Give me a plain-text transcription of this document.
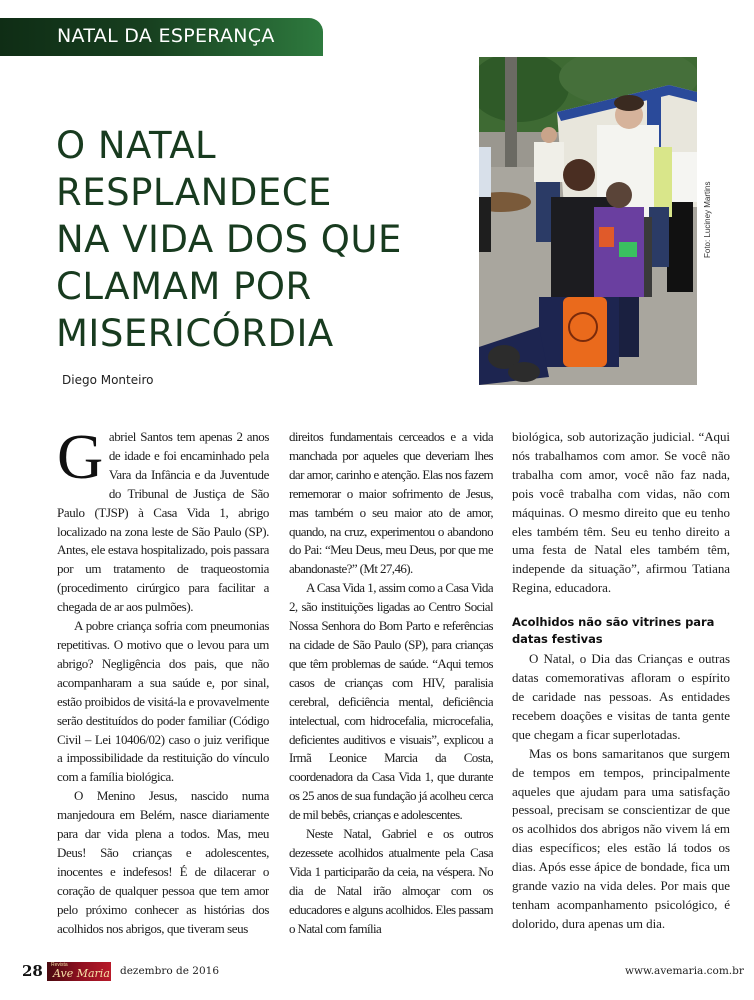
NATAL DA ESPERANÇA
O NATAL
RESPLANDECE
NA VIDA DOS QUE
CLAMAM POR
MISERICÓRDIA
Diego Monteiro
Foto: Luciney Martins

Gabriel Santos tem apenas 2 anos de idade e foi encaminhado pela Vara da Infância e da Juventude do Tribunal de Justiça de São Paulo (TJSP) à Casa Vida 1, abrigo localizado na zona leste de São Paulo (SP). Antes, ele estava hospitalizado, pois passara por um tratamento de traqueostomia (procedimento cirúrgico para facilitar a chegada de ar aos pulmões).

A pobre criança sofria com pneumonias repetitivas. O motivo que o levou para um abrigo? Negligência dos pais, que não acompanharam a sua saúde e, por sinal, estão proibidos de visitá-la e provavelmente serão destituídos do poder familiar (Código Civil – Lei 10406/02) caso o juiz verifique a impossibilidade da restituição do vínculo com a família biológica.

O Menino Jesus, nascido numa manjedoura em Belém, nasce diariamente para dar vida plena a todos. Mas, meu Deus! São crianças e adolescentes, inocentes e indefesos! É de dilacerar o coração de qualquer pessoa que tem amor pelo próximo conhecer as histórias dos acolhidos nos abrigos, que tiveram seus

direitos fundamentais cerceados e a vida manchada por aqueles que deveriam lhes dar amor, carinho e atenção. Elas nos fazem rememorar o maior sofrimento de Jesus, mas também o seu maior ato de amor, quando, na cruz, experimentou o abandono do Pai: “Meu Deus, meu Deus, por que me abandonaste?” (Mt 27,46).

A Casa Vida 1, assim como a Casa Vida 2, são instituições ligadas ao Centro Social Nossa Senhora do Bom Parto e referências na cidade de São Paulo (SP), para crianças que têm problemas de saúde. “Aqui temos casos de crianças com HIV, paralisia cerebral, deficiência mental, deficiência intelectual, com hidrocefalia, microcefalia, deficientes auditivos e visuais”, explicou a Irmã Leonice Marcia da Costa, coordenadora da Casa Vida 1, que durante os 25 anos de sua fundação já acolheu cerca de mil bebês, crianças e adolescentes.

Neste Natal, Gabriel e os outros dezessete acolhidos atualmente pela Casa Vida 1 participarão da ceia, na véspera. No dia de Natal irão almoçar com os educadores e alguns acolhidos. Eles passam o Natal com família

biológica, sob autorização judicial. “Aqui nós trabalhamos com amor. Se você não trabalha com amor, você não faz nada, pois você trabalha com vidas, não com máquinas. O mesmo direito que eu tenho eles também têm. Seu eu tenho direito a uma festa de Natal eles também têm, independe da situação”, afirmou Tatiana Regina, educadora.

Acolhidos não são vitrines para datas festivas

O Natal, o Dia das Crianças e outras datas comemorativas afloram o espírito de caridade nas pessoas. As entidades recebem doações e visitas de tanta gente que chegam a ficar superlotadas.

Mas os bons samaritanos que surgem de tempos em tempos, principalmente aqueles que ajudam para uma satisfação pessoal, precisam se conscientizar de que os acolhidos dos abrigos não vivem lá em dias específicos; eles estão lá todos os dias. Após esse ápice de bondade, fica um grande vazio na vida deles. Por mais que tenham acompanhamento psicológico, é dolorido, dura apenas um dia.

28 Revista
Ave Maria dezembro de 2016	www.avemaria.com.br
